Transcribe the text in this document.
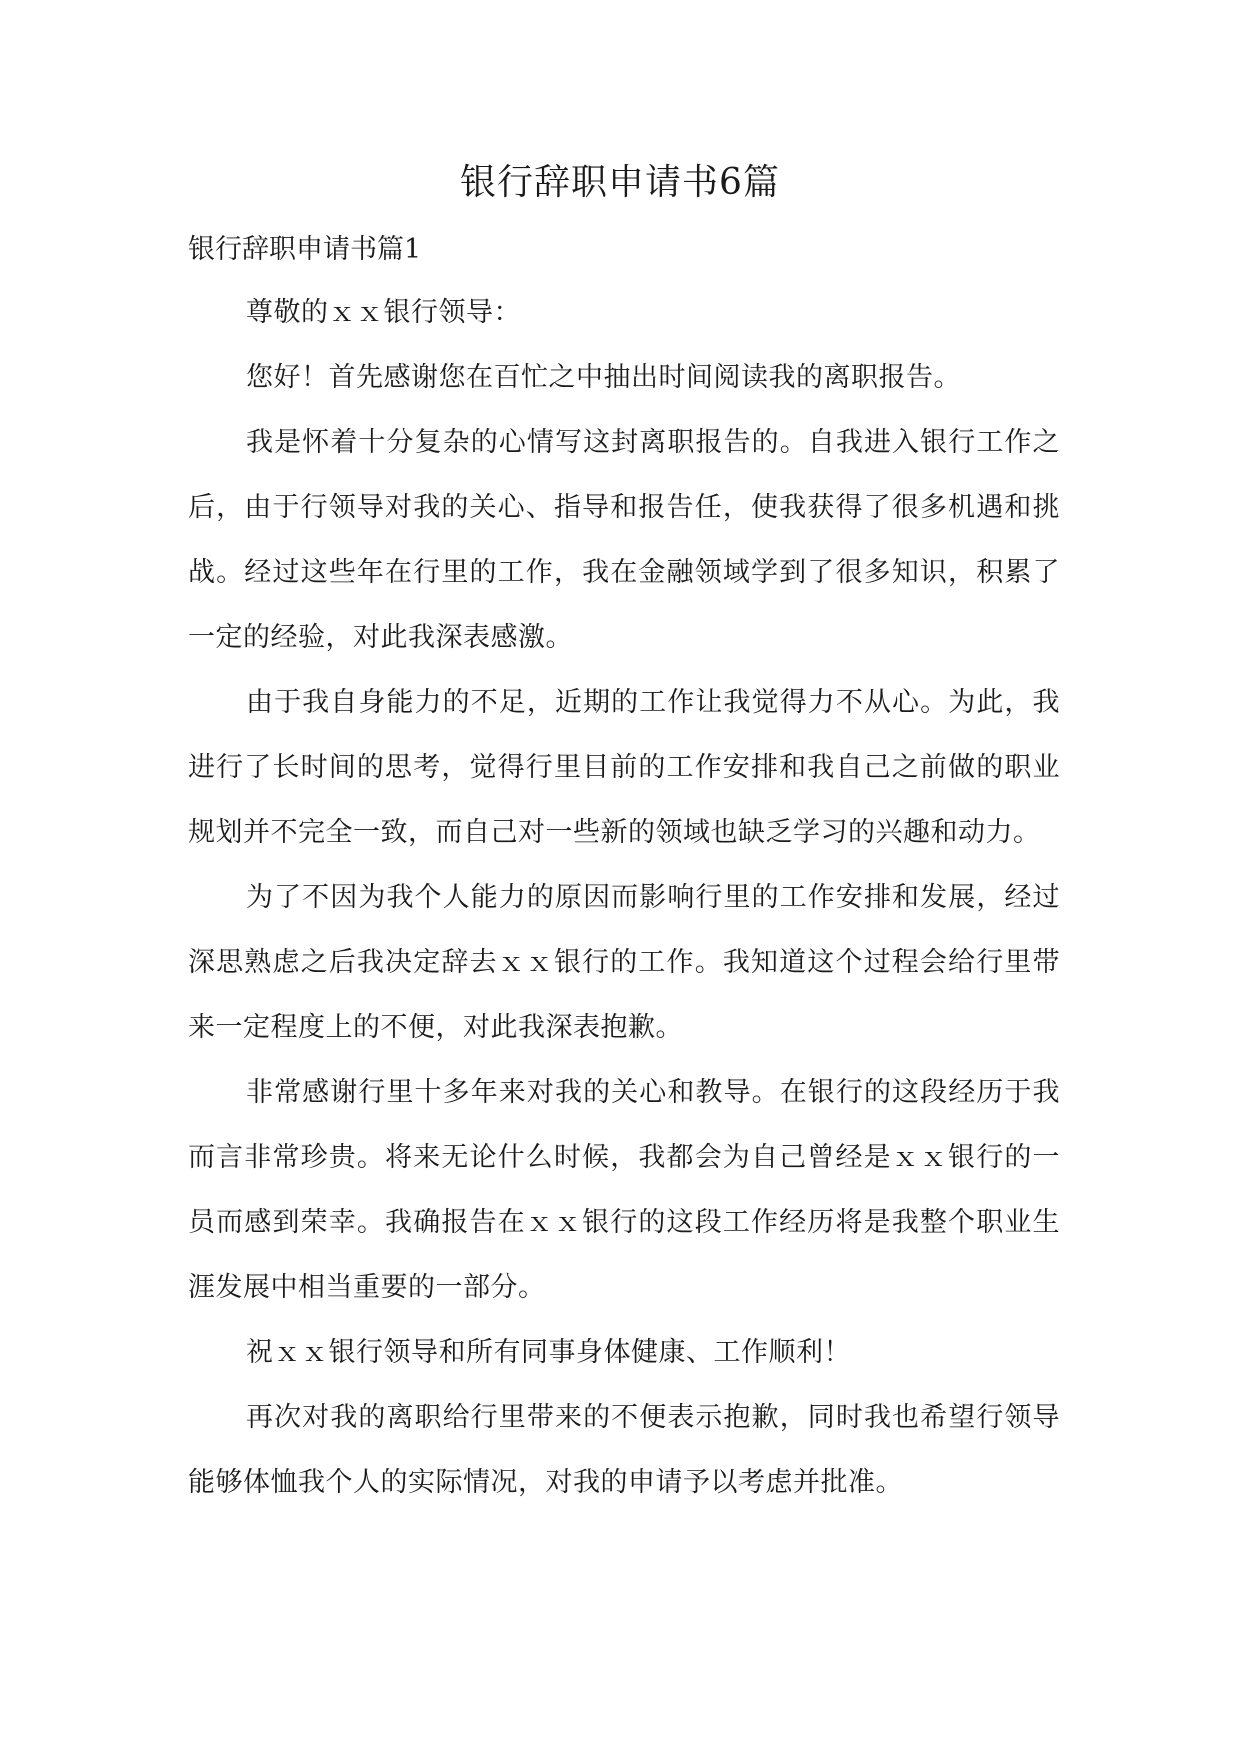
银行辞职申请书6篇
银行辞职申请书篇1

尊敬的ｘｘ银行领导：

您好！首先感谢您在百忙之中抽出时间阅读我的离职报告。

我是怀着十分复杂的心情写这封离职报告的。自我进入银行工作之后，由于行领导对我的关心、指导和报告任，使我获得了很多机遇和挑战。经过这些年在行里的工作，我在金融领域学到了很多知识，积累了一定的经验，对此我深表感激。

由于我自身能力的不足，近期的工作让我觉得力不从心。为此，我进行了长时间的思考，觉得行里目前的工作安排和我自己之前做的职业规划并不完全一致，而自己对一些新的领域也缺乏学习的兴趣和动力。

为了不因为我个人能力的原因而影响行里的工作安排和发展，经过深思熟虑之后我决定辞去ｘｘ银行的工作。我知道这个过程会给行里带来一定程度上的不便，对此我深表抱歉。

非常感谢行里十多年来对我的关心和教导。在银行的这段经历于我而言非常珍贵。将来无论什么时候，我都会为自己曾经是ｘｘ银行的一员而感到荣幸。我确报告在ｘｘ银行的这段工作经历将是我整个职业生涯发展中相当重要的一部分。

祝ｘｘ银行领导和所有同事身体健康、工作顺利！

再次对我的离职给行里带来的不便表示抱歉，同时我也希望行领导能够体恤我个人的实际情况，对我的申请予以考虑并批准。
